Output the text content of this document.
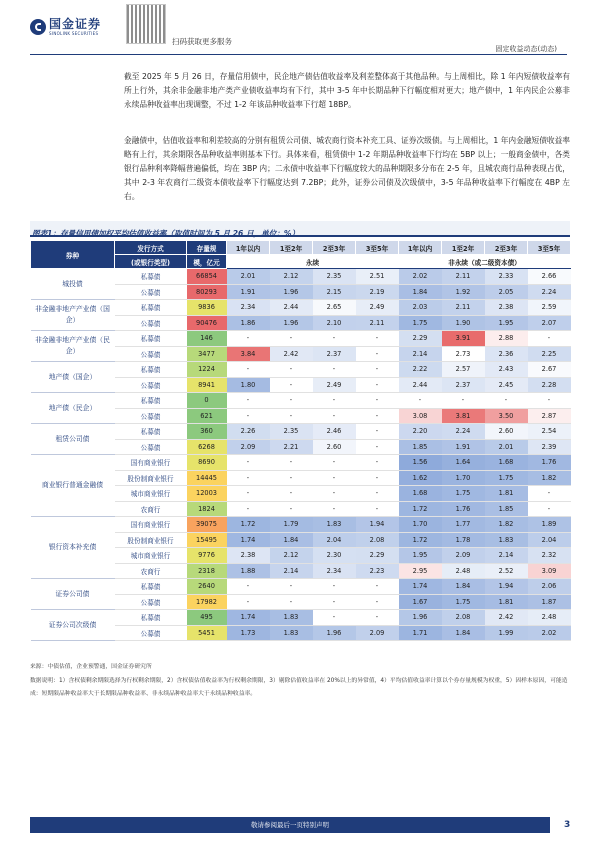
国金证券
SINOLINK SECURITIES
扫码获取更多服务
固定收益动态(动态)
截至 2025 年 5 月 26 日，存量信用债中，民企地产债估值收益率及利差整体高于其他品种。与上周相比，除 1 年内短债收益率有所上行外，其余非金融非地产类产业债收益率均有下行，其中 3-5 年中长期品种下行幅度相对更大；地产债中，1 年内民企公募非永续品种收益率出现调整，不过 1-2 年该品种收益率下行超 18BP。
金融债中，估值收益率和利差较高的分别有租赁公司债、城农商行资本补充工具、证券次级债。与上周相比，1 年内金融短债收益率略有上行，其余期限各品种收益率则基本下行。具体来看，租赁债中 1-2 年期品种收益率下行均在 5BP 以上；一般商金债中，各类银行品种利率降幅普遍偏低，均在 3BP 内；二永债中收益率下行幅度较大的品种期限多分布在 2-5 年，且城农商行品种表现占优，其中 2-3 年农商行二级资本债收益率下行幅度达到 7.2BP；此外，证券公司债及次级债中，3-5 年品种收益率下行幅度在 4BP 左右。
图表1：存量信用债加权平均估值收益率（取值时间为 5 月 26 日，单位：%）
券种	发行方式	存量规	1年以内	1至2年	2至3年	3至5年	1年以内	1至2年	2至3年	3至5年
	(或银行类型)	模，亿元	永续				非永续（或二级资本债）			
城投债	私募债	66854	2.01	2.12	2.35	2.51	2.02	2.11	2.33	2.66
	公募债	80293	1.91	1.96	2.15	2.19	1.84	1.92	2.05	2.24
非金融非地产产业债（国企）	私募债	9836	2.34	2.44	2.65	2.49	2.03	2.11	2.38	2.59
	公募债	90476	1.86	1.96	2.10	2.11	1.75	1.90	1.95	2.07
非金融非地产产业债（民企）	私募债	146	-	-	-	-	2.29	3.91	2.88	-
	公募债	3477	3.84	2.42	2.37	-	2.14	2.73	2.36	2.25
地产债（国企）	私募债	1224	-	-	-	-	2.22	2.57	2.43	2.67
	公募债	8941	1.80	-	2.49	-	2.44	2.37	2.45	2.28
地产债（民企）	私募债	0	-	-	-	-	-	-	-	-
	公募债	621	-	-	-	-	3.08	3.81	3.50	2.87
租赁公司债	私募债	360	2.26	2.35	2.46	-	2.20	2.24	2.60	2.54
	公募债	6268	2.09	2.21	2.60	-	1.85	1.91	2.01	2.39
商业银行普通金融债	国有商业银行	8690	-	-	-	-	1.56	1.64	1.68	1.76
	股份制商业银行	14445	-	-	-	-	1.62	1.70	1.75	1.82
	城市商业银行	12003	-	-	-	-	1.68	1.75	1.81	-
	农商行	1824	-	-	-	-	1.72	1.76	1.85	-
银行资本补充债	国有商业银行	39075	1.72	1.79	1.83	1.94	1.70	1.77	1.82	1.89
	股份制商业银行	15495	1.74	1.84	2.04	2.08	1.72	1.78	1.83	2.04
	城市商业银行	9776	2.38	2.12	2.30	2.29	1.95	2.09	2.14	2.32
	农商行	2318	1.88	2.14	2.34	2.23	2.95	2.48	2.52	3.09
证券公司债	私募债	2640	-	-	-	-	1.74	1.84	1.94	2.06
	公募债	17982	-	-	-	-	1.67	1.75	1.81	1.87
证券公司次级债	私募债	495	1.74	1.83	-	-	1.96	2.08	2.42	2.48
	公募债	5451	1.73	1.83	1.96	2.09	1.71	1.84	1.99	2.02
来源：中债估值，企业预警通，国金证券研究所
数据说明：1）含权债剩余期限选择为行权剩余期限，2）含权债估值收益率为行权剩余期限，3）剔除估值收益率在 20%以上的异常值，4）平均估值收益率计算以个券存量规模为权重，5）因样本原因，可能造成：短期限品种收益率大于长期限品种收益率、非永续品种收益率大于永续品种收益率。
敬请参阅最后一页特别声明	3
